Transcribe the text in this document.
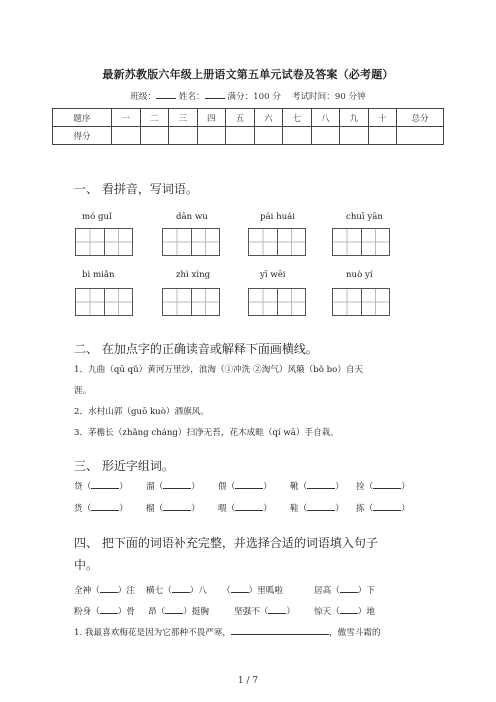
最新苏教版六年级上册语文第五单元试卷及答案（必考题）
班级：	姓名：	满分：100 分 考试时间：90 分钟
题序	一	二	三	四	五	六	七	八	九	十	总分
得分											
一、 看拼音，写词语。
mó guǐ	dān wu	pái huái	chuī yān
bì miǎn	zhì xìng	yī wēi	nuò yí
二、 在加点字的正确读音或解释下面画横线。
1．九曲（qū qǔ）黄河万里沙，浪淘（①冲洗 ②淘气）风簸（bǒ bo）自天
涯。
2．水村山郭（guō kuò）酒旗风。
3．茅檐长（zhǎng cháng）扫净无苔，花木成畦（qí wā）手自栽。
三、 形近字组词。
贷（	） 溜（	） 偎（	） 靴（	） 捡（	）
货（	） 榴（	） 喂（	） 鞋（	） 拣（	）
四、 把下面的词语补充完整，并选择合适的词语填入句子
中。
全神（ ）注 横七（ ）八 （ ）里呱啦	居高（ ）下
粉身（ ）骨 昂（ ）挺胸	坚强不（ ） 惊天（ ）地
1. 我最喜欢梅花是因为它那种不畏严寒，	，傲雪斗霜的
1 / 7
